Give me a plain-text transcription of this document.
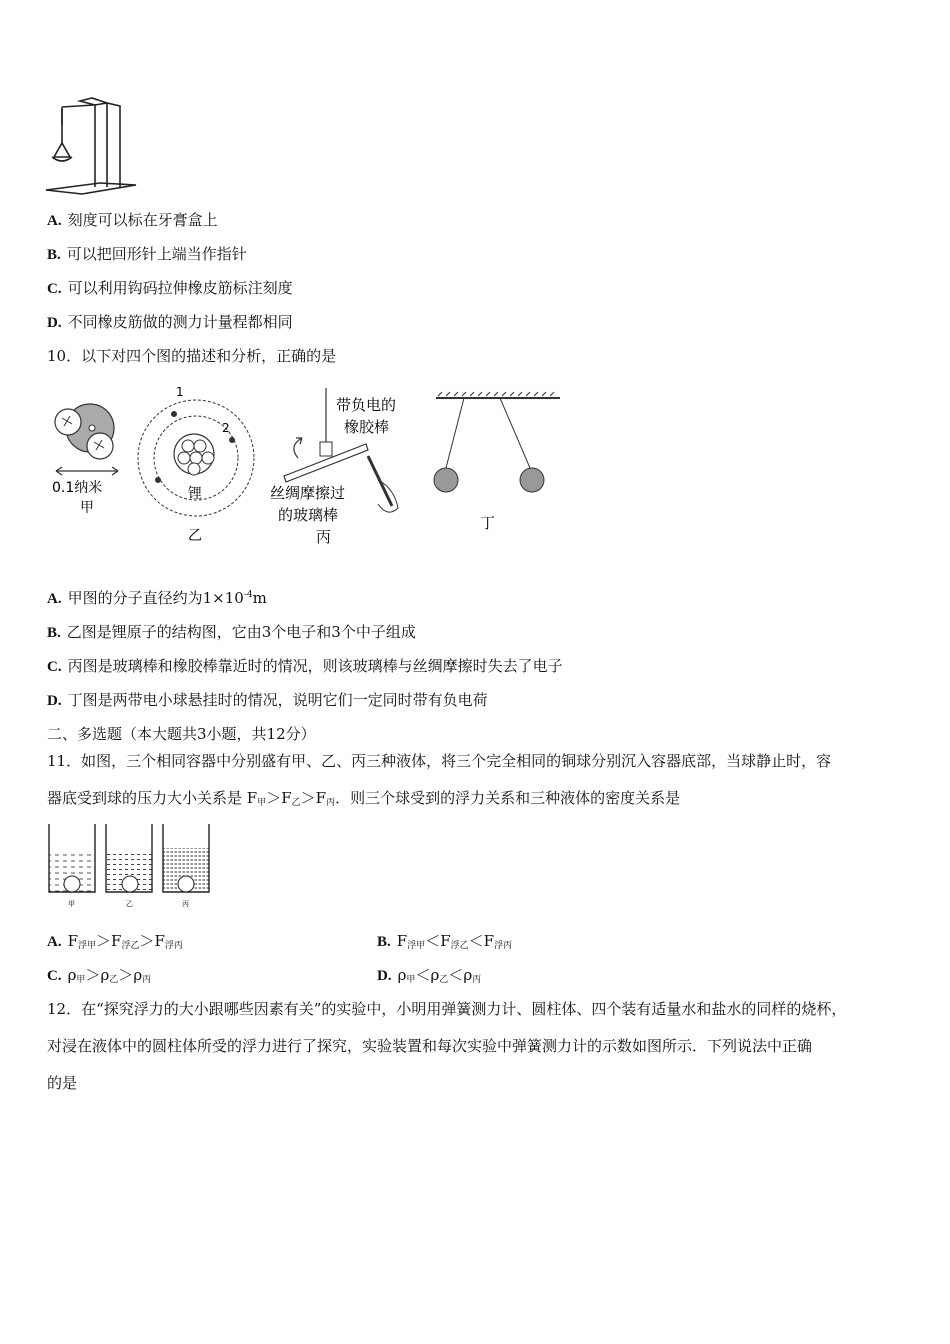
A. 刻度可以标在牙膏盒上
B. 可以把回形针上端当作指针
C. 可以利用钩码拉伸橡皮筋标注刻度
D. 不同橡皮筋做的测力计量程都相同
10．以下对四个图的描述和分析，正确的是
0.1纳米
甲
1
2
锂
乙
带负电的
橡胶棒
丝绸摩擦过
的玻璃棒
丙
丁
A. 甲图的分子直径约为$1\times 10^{-4}m$
B. 乙图是锂原子的结构图，它由3个电子和3个中子组成
C. 丙图是玻璃棒和橡胶棒靠近时的情况，则该玻璃棒与丝绸摩擦时失去了电子
D. 丁图是两带电小球悬挂时的情况，说明它们一定同时带有负电荷
二、多选题（本大题共3小题，共12分）
11．如图，三个相同容器中分别盛有甲、乙、丙三种液体，将三个完全相同的铜球分别沉入容器底部，当球静止时，容
器底受到球的压力大小关系是 $F_甲>F_乙>F_丙$．则三个球受到的浮力关系和三种液体的密度关系是
甲	乙	丙
A. $F_{浮甲}>F_{浮乙}>F_{浮丙}$	B. $F_{浮甲}<F_{浮乙}<F_{浮丙}$
C. $\rho_甲>\rho_乙>\rho_丙$	D. $\rho_甲<\rho_乙<\rho_丙$
12．在“探究浮力的大小跟哪些因素有关”的实验中，小明用弹簧测力计、圆柱体、四个装有适量水和盐水的同样的烧杯，
对浸在液体中的圆柱体所受的浮力进行了探究，实验装置和每次实验中弹簧测力计的示数如图所示．下列说法中正确
的是
